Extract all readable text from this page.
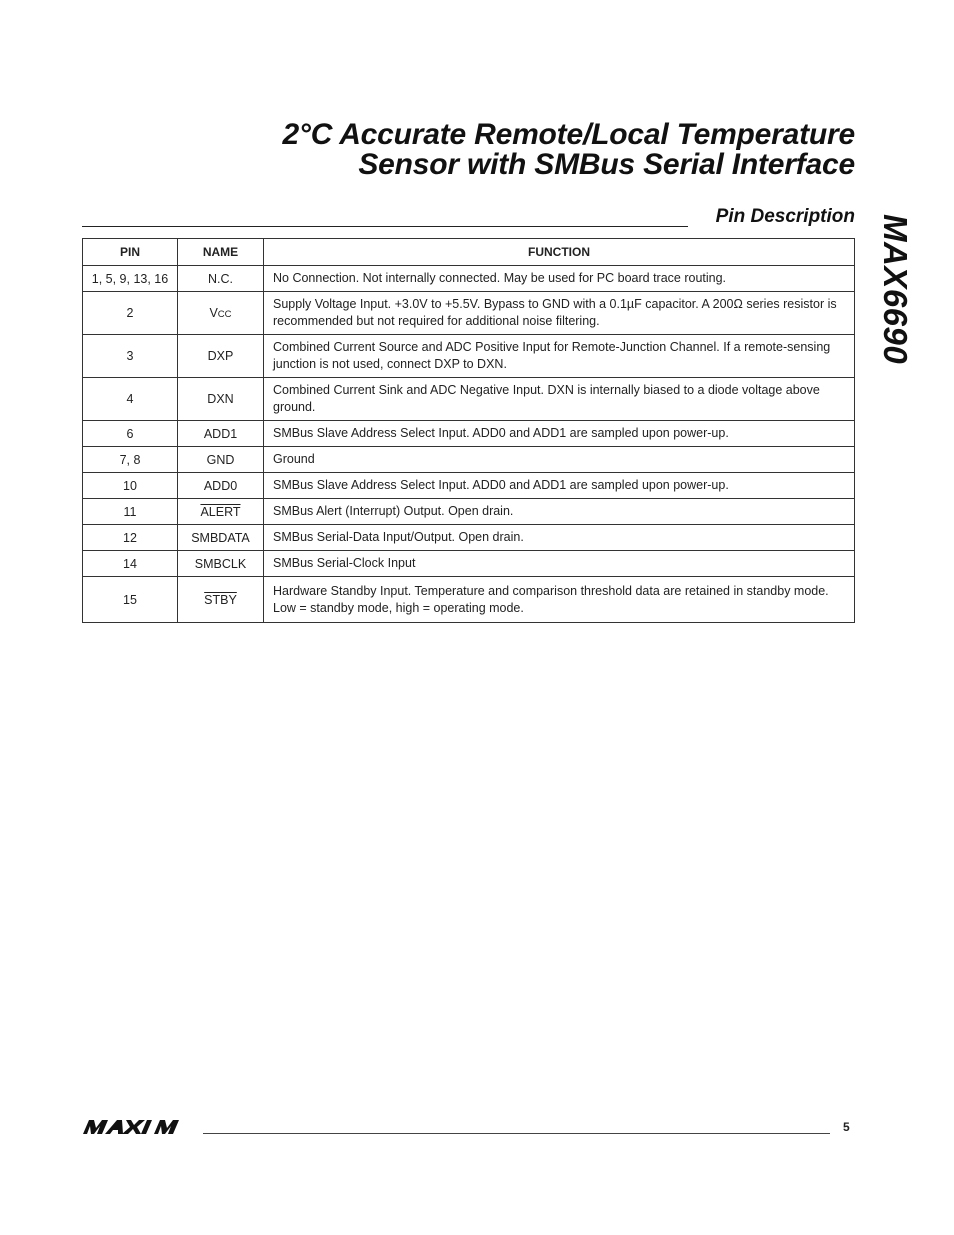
2°C Accurate Remote/Local Temperature
Sensor with SMBus Serial Interface
Pin Description MAX6690
PIN	NAME	FUNCTION
1, 5, 9, 13, 16	N.C.	No Connection. Not internally connected. May be used for PC board trace routing.
2	VCC	Supply Voltage Input. +3.0V to +5.5V. Bypass to GND with a 0.1µF capacitor. A 200Ω series resistor is recommended but not required for additional noise filtering.
3	DXP	Combined Current Source and ADC Positive Input for Remote-Junction Channel. If a remote-sensing junction is not used, connect DXP to DXN.
4	DXN	Combined Current Sink and ADC Negative Input. DXN is internally biased to a diode voltage above ground.
6	ADD1	SMBus Slave Address Select Input. ADD0 and ADD1 are sampled upon power-up.
7, 8	GND	Ground
10	ADD0	SMBus Slave Address Select Input. ADD0 and ADD1 are sampled upon power-up.
11	ALERT	SMBus Alert (Interrupt) Output. Open drain.
12	SMBDATA	SMBus Serial-Data Input/Output. Open drain.
14	SMBCLK	SMBus Serial-Clock Input
15	STBY	Hardware Standby Input. Temperature and comparison threshold data are retained in standby mode. Low = standby mode, high = operating mode.
5
